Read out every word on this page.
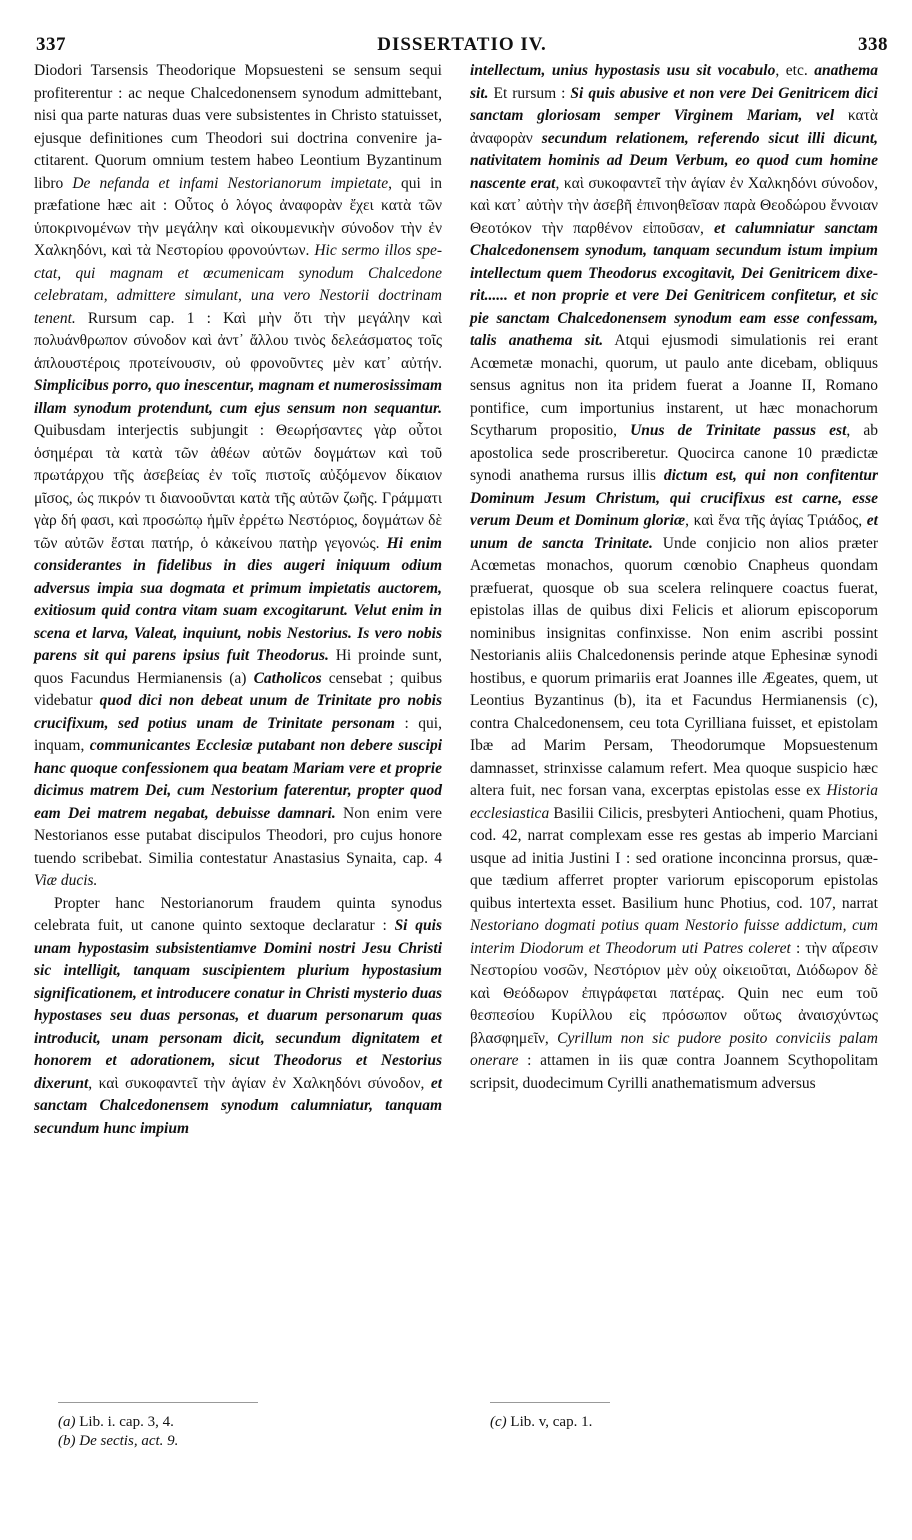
337	DISSERTATIO IV.	338

Diodori Tarsensis Theodorique Mopsuesteni se sensum sequi profiterentur : ac neque Chalcedonensem synodum admittebant, nisi qua parte naturas duas vere subsistentes in Christo statuisset, ejusque definitiones cum Theodori sui doctrina convenire jactitarent. Quorum omnium testem habeo Leontium Byzantinum libro De nefanda et infami Nestorianorum impietate, qui in præfatione hæc ait : Οὗτος ὁ λόγος ἀναφορὰν ἔχει κατὰ τῶν ὑποκρινομένων τὴν μεγάλην καὶ οἰκουμενικὴν σύνοδον τὴν ἐν Χαλκηδόνι, καὶ τὰ Νεστορίου φρονούντων. Hic sermo illos spectat, qui magnam et œcumenicam synodum Chalcedone celebratam, admittere simulant, una vero Nestorii doctrinam tenent. Rursum cap. 1 : Καὶ μὴν ὅτι τὴν μεγάλην καὶ πολυάνθρωπον σύνοδον καὶ ἀντ᾿ ἄλλου τινὸς δελεάσματος τοῖς ἁπλουστέροις προτείνουσιν, οὐ φρονοῦντες μὲν κατ᾿ αὐτήν. Simplicibus porro, quo inescentur, magnam et numerosissimam illam synodum protendunt, cum ejus sensum non sequantur. Quibusdam interjectis subjungit : Θεωρήσαντες γὰρ οὗτοι ὁσημέραι τὰ κατὰ τῶν ἀθέων αὐτῶν δογμάτων καὶ τοῦ πρωτάρχου τῆς ἀσεβείας ἐν τοῖς πιστοῖς αὐξόμενον δίκαιον μῖσος, ὡς πικρόν τι διανοοῦνται κατὰ τῆς αὐτῶν ζωῆς. Γράμματι γὰρ δή φασι, καὶ προσώπῳ ἡμῖν ἐρρέτω Νεστόριος, δογμάτων δὲ τῶν αὐτῶν ἔσται πατήρ, ὁ κἀκείνου πατὴρ γεγονώς. Hi enim considerantes in fidelibus in dies augeri iniquum odium adversus impia sua dogmata et primum impietatis auctorem, exitiosum quid contra vitam suam excogitarunt. Velut enim in scena et larva, Valeat, inquiunt, nobis Nestorius. Is vero nobis parens sit qui parens ipsius fuit Theodorus. Hi proinde sunt, quos Facundus Hermianensis (a) Catholicos censebat ; quibus videbatur quod dici non debeat unum de Trinitate pro nobis crucifixum, sed potius unam de Trinitate personam : qui, inquam, communicantes Ecclesiæ putabant non debere suscipi hanc quoque confessionem qua beatam Mariam vere et proprie dicimus matrem Dei, cum Nestorium faterentur, propter quod eam Dei matrem negabat, debuisse damnari. Non enim vere Nestorianos esse putabat discipulos Theodori, pro cujus honore tuendo scribebat. Similia contestatur Anastasius Synaita, cap. 4 Viæ ducis.

Propter hanc Nestorianorum fraudem quinta synodus celebrata fuit, ut canone quinto sextoque declaratur : Si quis unam hypostasim subsistentiamve Domini nostri Jesu Christi sic intelligit, tanquam suscipientem plurium hypostasium significationem, et introducere conatur in Christi mysterio duas hypostases seu duas personas, et duarum personarum quas introducit, unam personam dicit, secundum dignitatem et honorem et adorationem, sicut Theodorus et Nestorius dixerunt, καὶ συκοφαντεῖ τὴν ἁγίαν ἐν Χαλκηδόνι σύνοδον, et sanctam Chalcedonensem synodum calumniatur, tanquam secundum hunc impium

intellectum, unius hypostasis usu sit vocabulo, etc. anathema sit. Et rursum : Si quis abusive et non vere Dei Genitricem dici sanctam gloriosam semper Virginem Mariam, vel κατὰ ἀναφορὰν secundum relationem, referendo sicut illi dicunt, nativitatem hominis ad Deum Verbum, eo quod cum homine nascente erat, καὶ συκοφαντεῖ τὴν ἁγίαν ἐν Χαλκηδόνι σύνοδον, καὶ κατ᾿ αὐτὴν τὴν ἀσεβῆ ἐπινοηθεῖσαν παρὰ Θεοδώρου ἔννοιαν Θεοτόκον τὴν παρθένον εἰποῦσαν, et calumniatur sanctam Chalcedonensem synodum, tanquam secundum istum impium intellectum quem Theodorus excogitavit, Dei Genitricem dixerit...... et non proprie et vere Dei Genitricem confitetur, et sic pie sanctam Chalcedonensem synodum eam esse confessam, talis anathema sit. Atqui ejusmodi simulationis rei erant Acœmetæ monachi, quorum, ut paulo ante dicebam, obliquus sensus agnitus non ita pridem fuerat a Joanne II, Romano pontifice, cum importunius instarent, ut hæc monachorum Scytharum propositio, Unus de Trinitate passus est, ab apostolica sede proscriberetur. Quocirca canone 10 prædictæ synodi anathema rursus illis dictum est, qui non confitentur Dominum Jesum Christum, qui crucifixus est carne, esse verum Deum et Dominum gloriæ, καὶ ἕνα τῆς ἁγίας Τριάδος, et unum de sancta Trinitate. Unde conjicio non alios præter Acœmetas monachos, quorum cœnobio Cnapheus quondam præfuerat, quosque ob sua scelera relinquere coactus fuerat, epistolas illas de quibus dixi Felicis et aliorum episcoporum nominibus insignitas confinxisse. Non enim ascribi possint Nestorianis aliis Chalcedonensis perinde atque Ephesinæ synodi hostibus, e quorum primariis erat Joannes ille Ægeates, quem, ut Leontius Byzantinus (b), ita et Facundus Hermianensis (c), contra Chalcedonensem, ceu tota Cyrilliana fuisset, et epistolam Ibæ ad Marim Persam, Theodorumque Mopsuestenum damnasset, strinxisse calamum refert. Mea quoque suspicio hæc altera fuit, nec forsan vana, excerptas epistolas esse ex Historia ecclesiastica Basilii Cilicis, presbyteri Antiocheni, quam Photius, cod. 42, narrat complexam esse res gestas ab imperio Marciani usque ad initia Justini I : sed oratione inconcinna prorsus, quæque tædium afferret propter variorum episcoporum epistolas quibus intertexta esset. Basilium hunc Photius, cod. 107, narrat Nestoriano dogmati potius quam Nestorio fuisse addictum, cum interim Diodorum et Theodorum uti Patres coleret : τὴν αἵρεσιν Νεστορίου νοσῶν, Νεστόριον μὲν οὐχ οἰκειοῦται, Διόδωρον δὲ καὶ Θεόδωρον ἐπιγράφεται πατέρας. Quin nec eum τοῦ θεσπεσίου Κυρίλλου εἰς πρόσωπον οὕτως ἀναισχύντως βλασφημεῖν, Cyrillum non sic pudore posito conviciis palam onerare : attamen in iis quæ contra Joannem Scythopolitam scripsit, duodecimum Cyrilli anathematismum adversus

(a) Lib. i. cap. 3, 4.
(b) De sectis, act. 9.
(c) Lib. v, cap. 1.
